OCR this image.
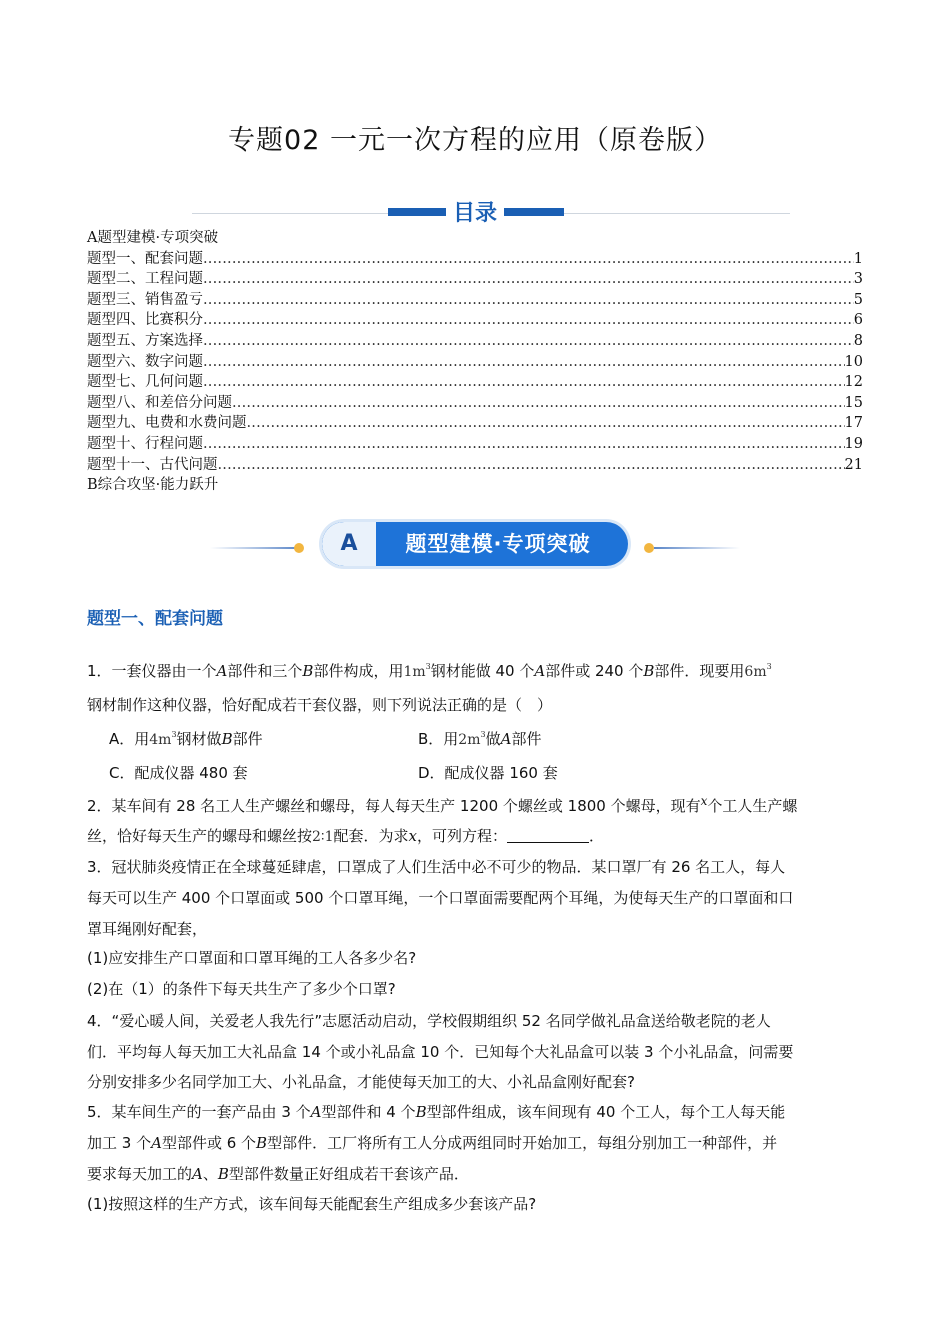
专题02 一元一次方程的应用（原卷版）
目录
A题型建模·专项突破
题型一、配套问题 .....	1
题型二、工程问题 .....	3
题型三、销售盈亏 .....	5
题型四、比赛积分 .....	6
题型五、方案选择 .....	8
题型六、数字问题 .....	10
题型七、几何问题 .....	12
题型八、和差倍分问题 .....	15
题型九、电费和水费问题 .....	17
题型十、行程问题 .....	19
题型十一、古代问题 .....	21
B综合攻坚·能力跃升
A	题型建模·专项突破
题型一、配套问题
1．一套仪器由一个A部件和三个B部件构成，用$1m^3$钢材能做 40 个A部件或 240 个B部件．现要用$6m^3$
钢材制作这种仪器，恰好配成若干套仪器，则下列说法正确的是（　）
A．用$4m^3$钢材做B部件	B．用$2m^3$做A部件
C．配成仪器 480 套	D．配成仪器 160 套
2．某车间有 28 名工人生产螺丝和螺母，每人每天生产 1200 个螺丝或 1800 个螺母，现有$^x$个工人生产螺
丝，恰好每天生产的螺母和螺丝按2∶1配套．为求x，可列方程：	．
3．冠状肺炎疫情正在全球蔓延肆虐，口罩成了人们生活中必不可少的物品．某口罩厂有 26 名工人，每人
每天可以生产 400 个口罩面或 500 个口罩耳绳，一个口罩面需要配两个耳绳，为使每天生产的口罩面和口
罩耳绳刚好配套，
(1)应安排生产口罩面和口罩耳绳的工人各多少名?
(2)在（1）的条件下每天共生产了多少个口罩?
4．“爱心暖人间，关爱老人我先行”志愿活动启动，学校假期组织 52 名同学做礼品盒送给敬老院的老人
们．平均每人每天加工大礼品盒 14 个或小礼品盒 10 个．已知每个大礼品盒可以装 3 个小礼品盒，问需要
分别安排多少名同学加工大、小礼品盒，才能使每天加工的大、小礼品盒刚好配套?
5．某车间生产的一套产品由 3 个A型部件和 4 个B型部件组成，该车间现有 40 个工人，每个工人每天能
加工 3 个A型部件或 6 个B型部件．工厂将所有工人分成两组同时开始加工，每组分别加工一种部件，并
要求每天加工的A、B型部件数量正好组成若干套该产品．
(1)按照这样的生产方式，该车间每天能配套生产组成多少套该产品?
